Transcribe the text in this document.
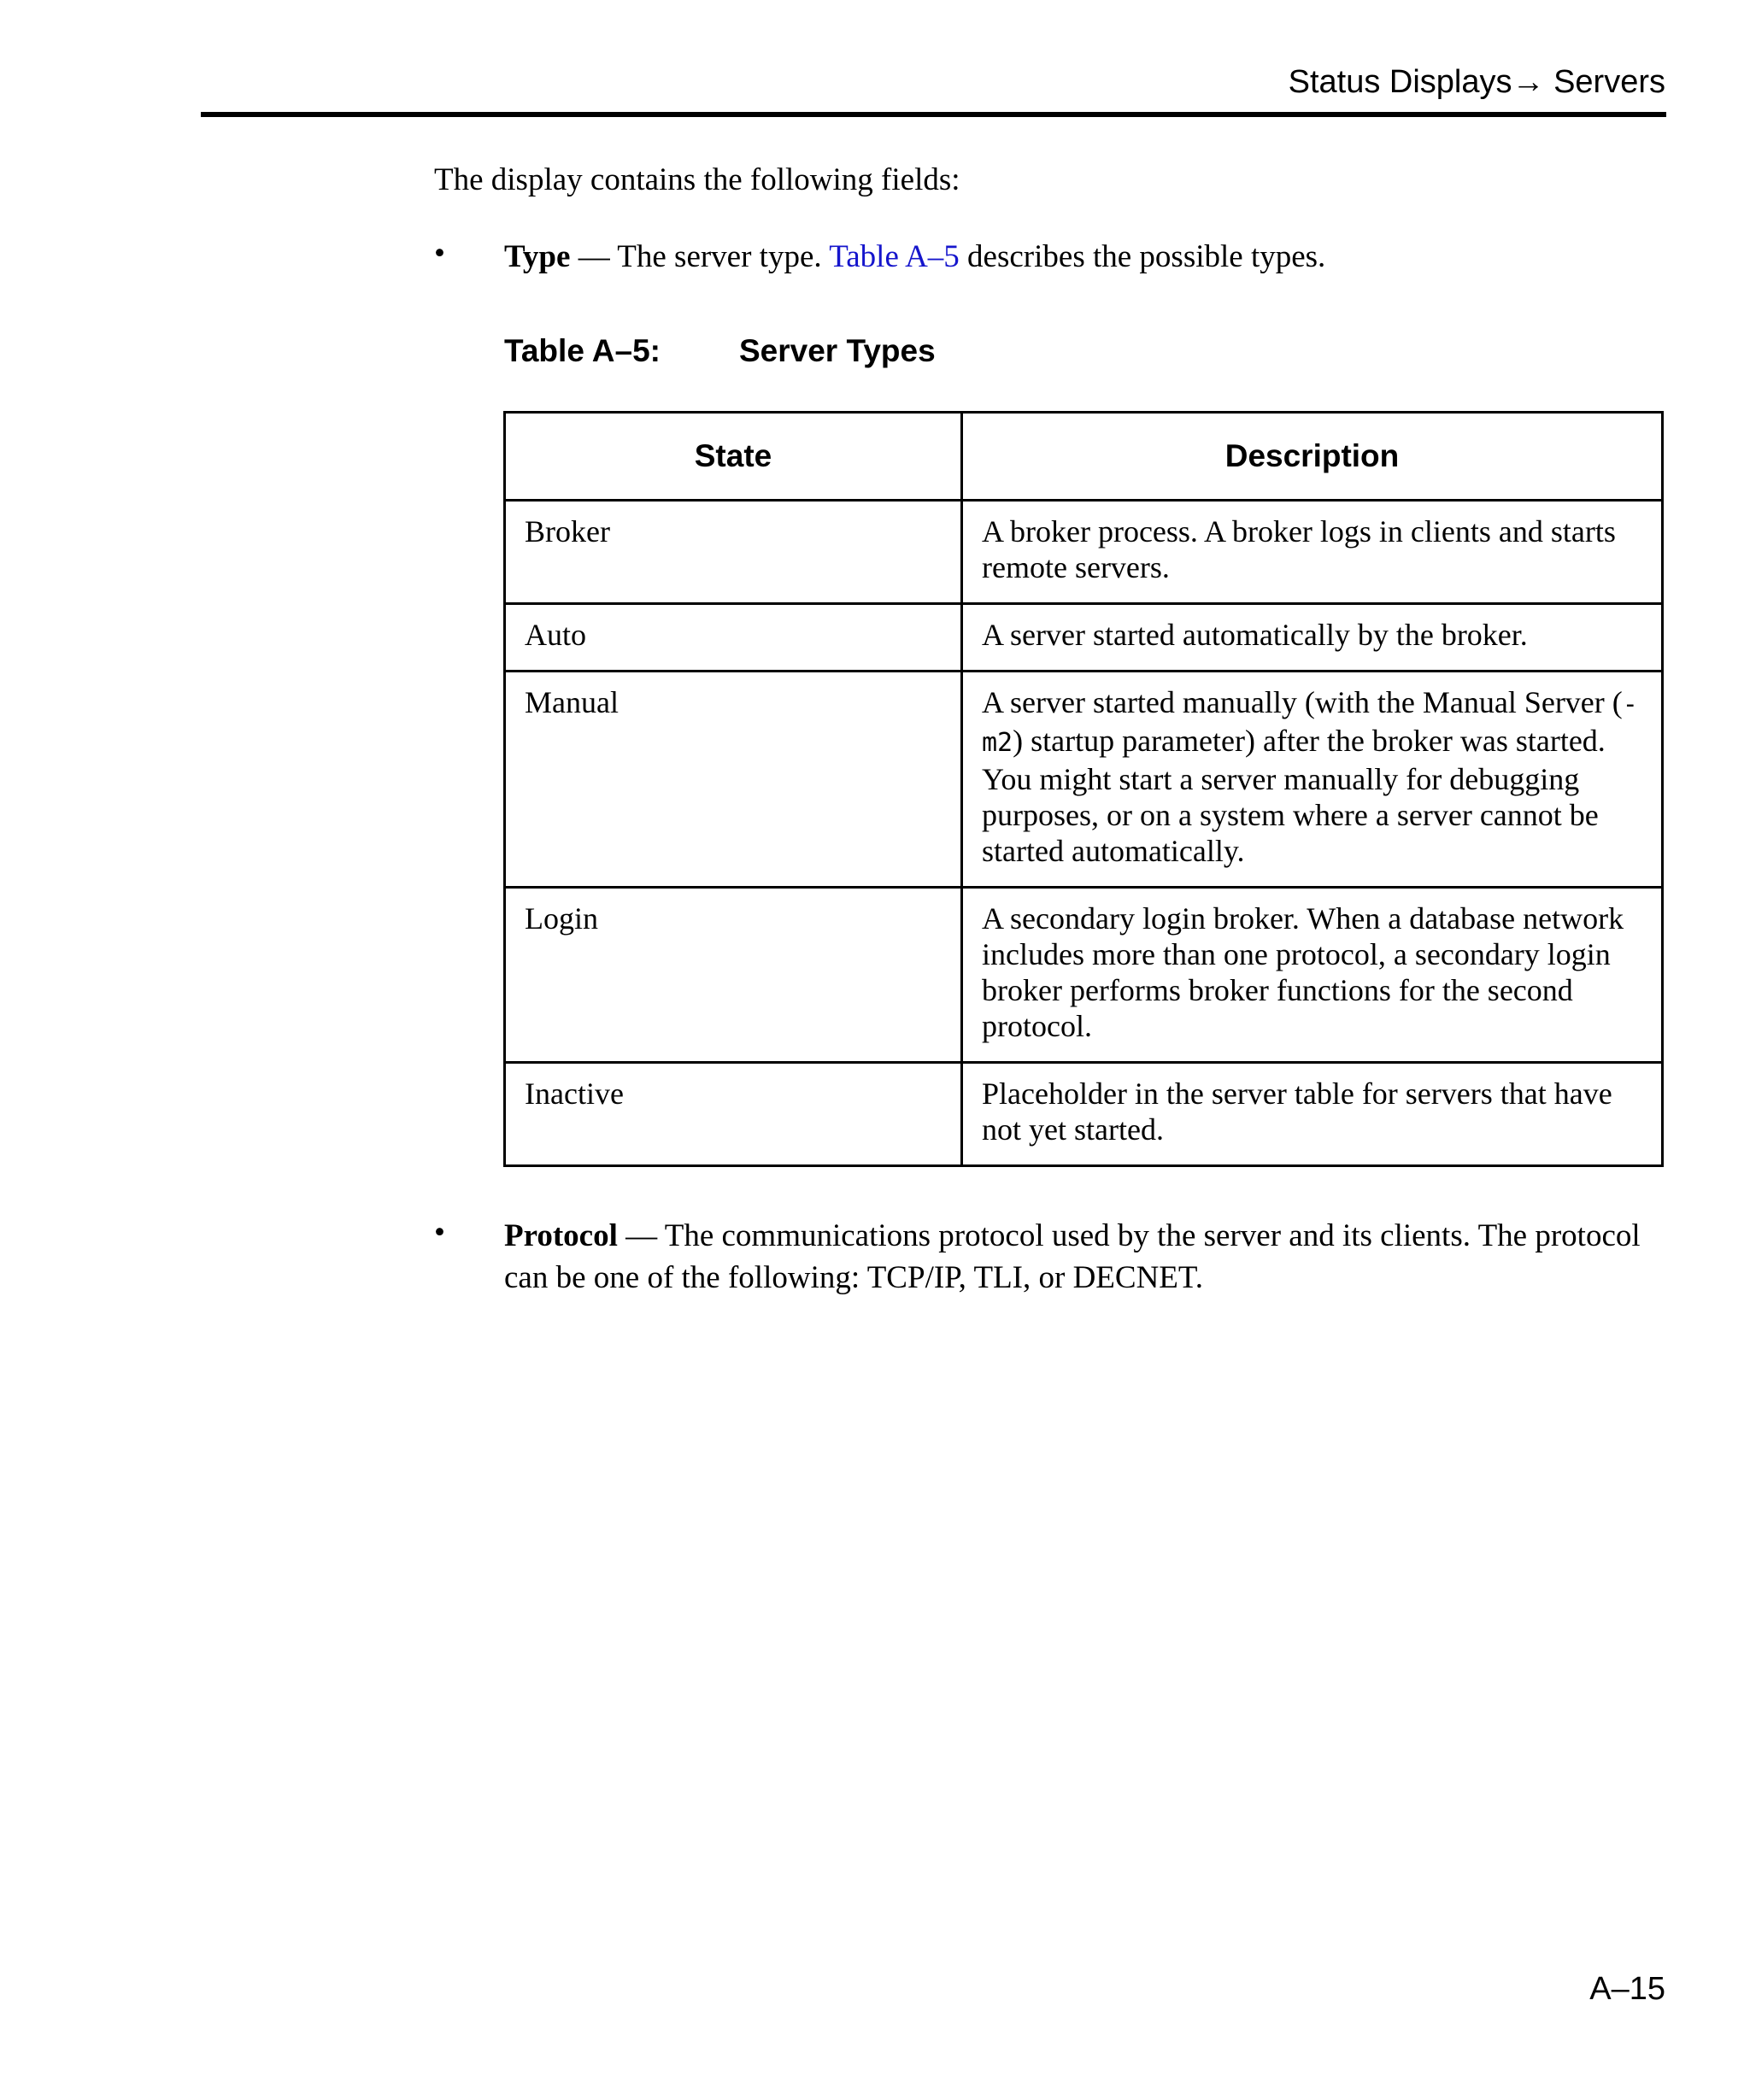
Status Displays→ Servers

The display contains the following fields:

• Type — The server type. Table A–5 describes the possible types.

Table A–5: Server Types
State	Description
Broker	A broker process. A broker logs in clients and starts remote servers.
Auto	A server started automatically by the broker.
Manual	A server started manually (with the Manual Server (-m2) startup parameter) after the broker was started. You might start a server manually for debugging purposes, or on a system where a server cannot be started automatically.
Login	A secondary login broker. When a database network includes more than one protocol, a secondary login broker performs broker functions for the second protocol.
Inactive	Placeholder in the server table for servers that have not yet started.
• Protocol — The communications protocol used by the server and its clients. The protocol can be one of the following: TCP/IP, TLI, or DECNET.

A–15
